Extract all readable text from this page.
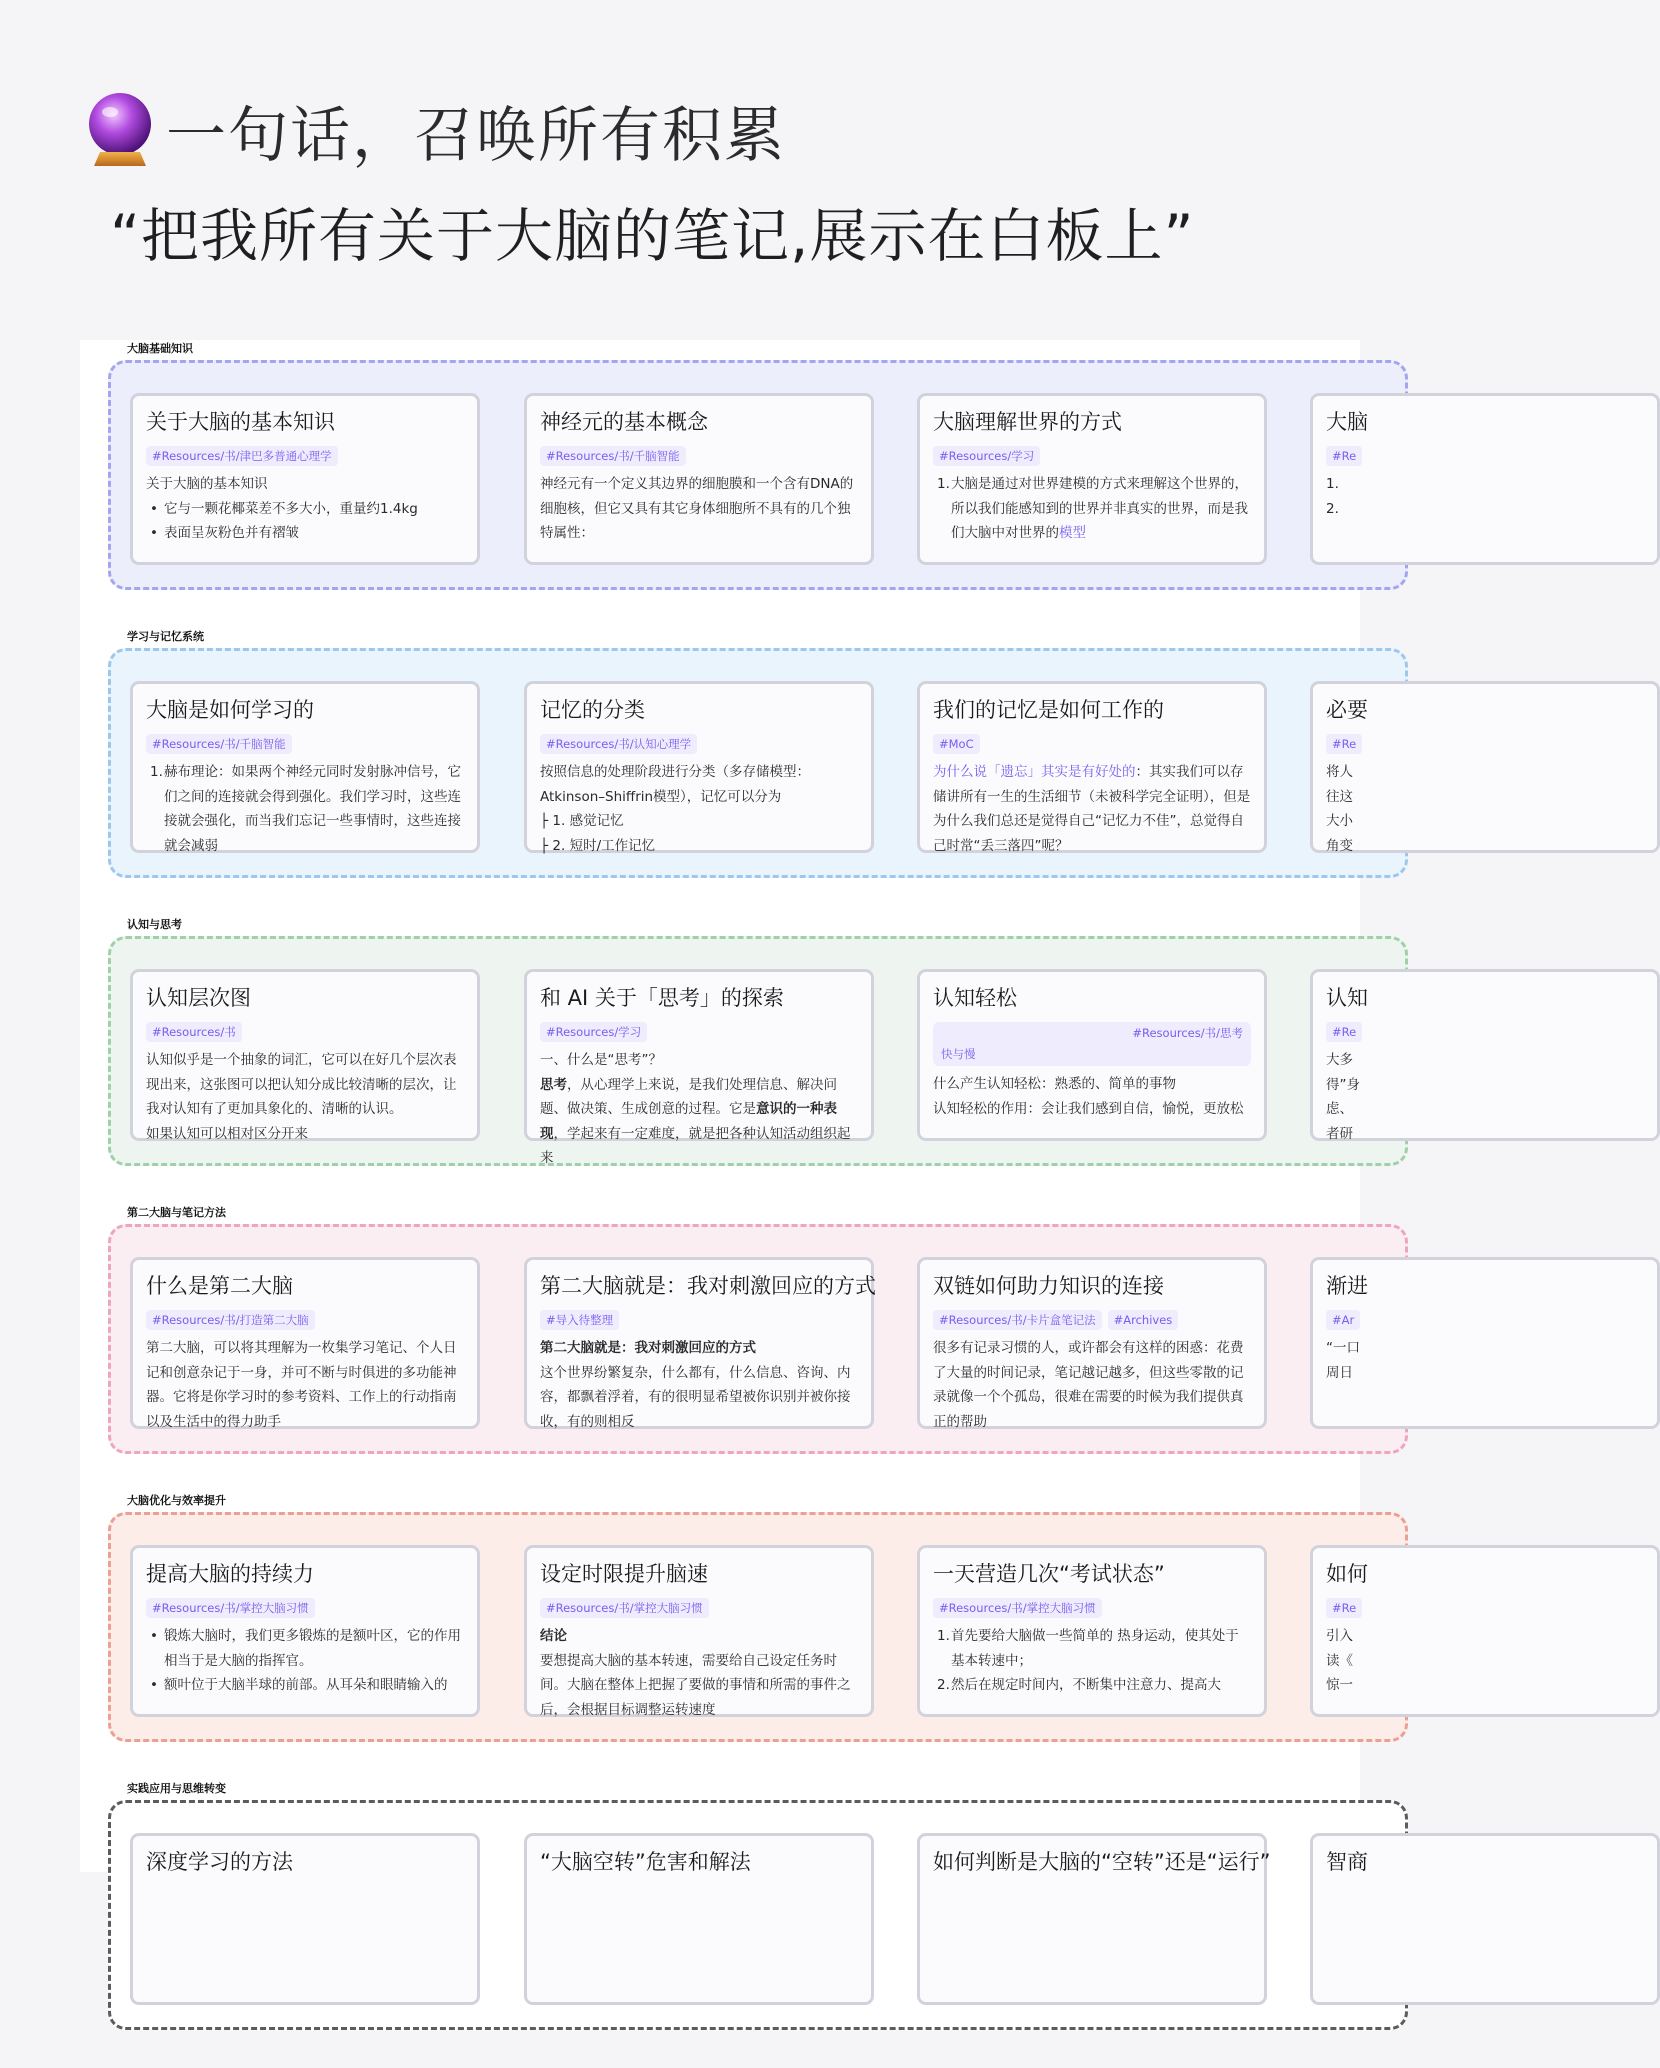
一句话，召唤所有积累
“把我所有关于大脑的笔记,展示在白板上”
大脑基础知识
关于大脑的基本知识
#Resources/书/津巴多普通心理学

关于大脑的基本知识

• 它与一颗花椰菜差不多大小，重量约1.4kg

• 表面呈灰粉色并有褶皱

神经元的基本概念
#Resources/书/千脑智能

神经元有一个定义其边界的细胞膜和一个含有DNA的细胞核，但它又具有其它身体细胞所不具有的几个独特属性：

大脑理解世界的方式
#Resources/学习

1. 大脑是通过对世界建模的方式来理解这个世界的，所以我们能感知到的世界并非真实的世界，而是我们大脑中对世界的模型

大脑
#Re

1.

2.

学习与记忆系统
大脑是如何学习的
#Resources/书/千脑智能

1. 赫布理论：如果两个神经元同时发射脉冲信号，它们之间的连接就会得到强化。我们学习时，这些连接就会强化，而当我们忘记一些事情时，这些连接就会减弱

记忆的分类
#Resources/书/认知心理学

按照信息的处理阶段进行分类（多存储模型：Atkinson–Shiffrin模型），记忆可以分为

├ 1. 感觉记忆

├ 2. 短时/工作记忆

我们的记忆是如何工作的
#MoC

为什么说「遗忘」其实是有好处的：其实我们可以存储讲所有一生的生活细节（未被科学完全证明），但是为什么我们总还是觉得自己“记忆力不佳”，总觉得自己时常“丢三落四”呢？

必要
#Re

将人

往这

大小

角变

认知与思考
认知层次图
#Resources/书

认知似乎是一个抽象的词汇，它可以在好几个层次表现出来，这张图可以把认知分成比较清晰的层次，让我对认知有了更加具象化的、清晰的认识。

如果认知可以相对区分开来

和 AI 关于「思考」的探索
#Resources/学习

一、什么是“思考”？

思考，从心理学上来说，是我们处理信息、解决问题、做决策、生成创意的过程。它是意识的一种表现，学起来有一定难度，就是把各种认知活动组织起来

认知轻松
#Resources/书/思考
快与慢

什么产生认知轻松：熟悉的、简单的事物

认知轻松的作用：会让我们感到自信，愉悦，更放松

认知
#Re

大多

得”身

虑、

者研

第二大脑与笔记方法
什么是第二大脑
#Resources/书/打造第二大脑

第二大脑，可以将其理解为一枚集学习笔记、个人日记和创意杂记于一身，并可不断与时俱进的多功能神器。它将是你学习时的参考资料、工作上的行动指南以及生活中的得力助手

第二大脑就是：我对刺激回应的方式
#导入待整理

第二大脑就是：我对刺激回应的方式

这个世界纷繁复杂，什么都有，什么信息、咨询、内容，都飘着浮着，有的很明显希望被你识别并被你接收，有的则相反

双链如何助力知识的连接
#Resources/书/卡片盒笔记法	#Archives

很多有记录习惯的人，或许都会有这样的困惑：花费了大量的时间记录，笔记越记越多，但这些零散的记录就像一个个孤岛，很难在需要的时候为我们提供真正的帮助

渐进
#Ar

“一口

周日

大脑优化与效率提升
提高大脑的持续力
#Resources/书/掌控大脑习惯

• 锻炼大脑时，我们更多锻炼的是额叶区，它的作用相当于是大脑的指挥官。

• 额叶位于大脑半球的前部。从耳朵和眼睛输入的

设定时限提升脑速
#Resources/书/掌控大脑习惯

结论

要想提高大脑的基本转速，需要给自己设定任务时间。大脑在整体上把握了要做的事情和所需的事件之后，会根据目标调整运转速度

一天营造几次“考试状态”
#Resources/书/掌控大脑习惯

1. 首先要给大脑做一些简单的 热身运动，使其处于基本转速中；

2. 然后在规定时间内，不断集中注意力、提高大

如何
#Re

引入

读《

惊一

实践应用与思维转变
深度学习的方法	“大脑空转”危害和解法	如何判断是大脑的“空转”还是“运行”	智商
